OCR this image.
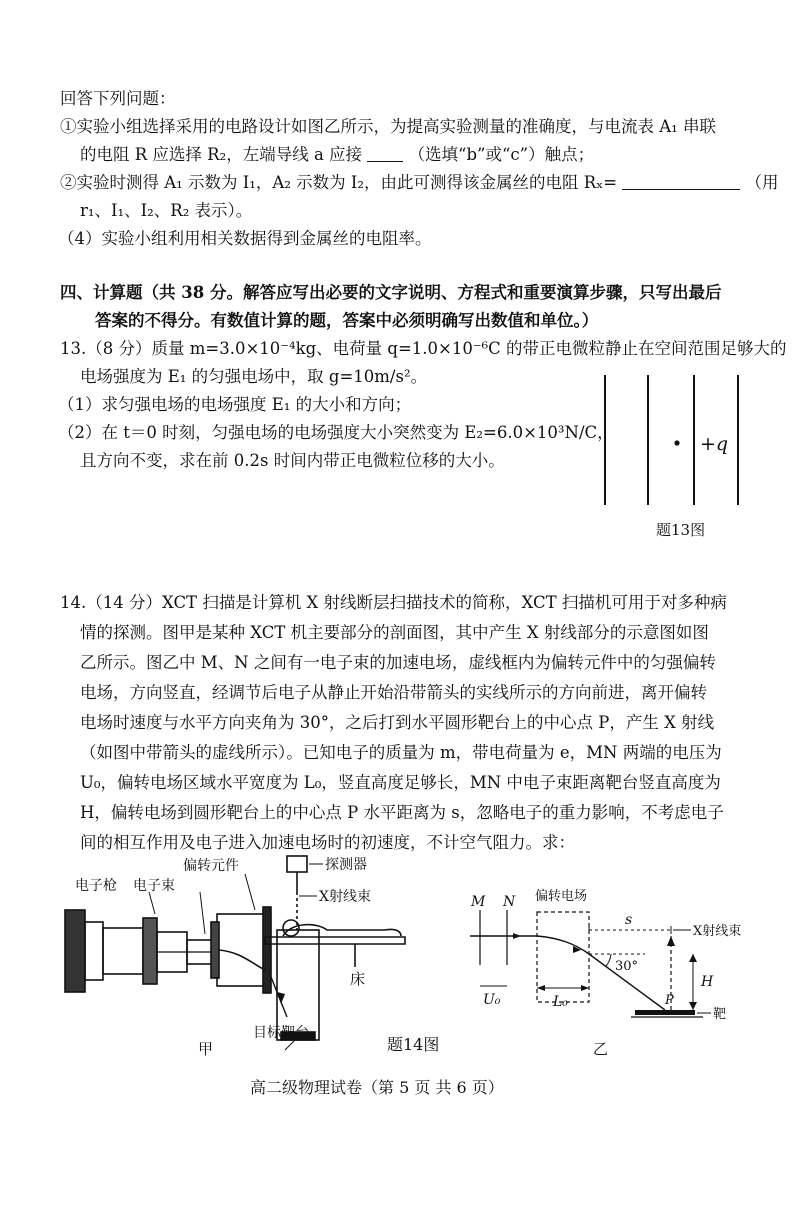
回答下列问题：
①实验小组选择采用的电路设计如图乙所示，为提高实验测量的准确度，与电流表 A₁ 串联
的电阻 R 应选择 R₂，左端导线 a 应接	（选填“b”或“c”）触点；
②实验时测得 A₁ 示数为 I₁，A₂ 示数为 I₂，由此可测得该金属丝的电阻 Rₓ=	（用
r₁、I₁、I₂、R₂ 表示）。
（4）实验小组利用相关数据得到金属丝的电阻率。
四、计算题（共 38 分。解答应写出必要的文字说明、方程式和重要演算步骤，只写出最后
答案的不得分。有数值计算的题，答案中必须明确写出数值和单位。）
13.（8 分）质量 m=3.0×10⁻⁴kg、电荷量 q=1.0×10⁻⁶C 的带正电微粒静止在空间范围足够大的
电场强度为 E₁ 的匀强电场中，取 g=10m/s²。
（1）求匀强电场的电场强度 E₁ 的大小和方向；
（2）在 t＝0 时刻，匀强电场的电场强度大小突然变为 E₂=6.0×10³N/C，
且方向不变，求在前 0.2s 时间内带正电微粒位移的大小。
+q
题13图
14.（14 分）XCT 扫描是计算机 X 射线断层扫描技术的简称，XCT 扫描机可用于对多种病
情的探测。图甲是某种 XCT 机主要部分的剖面图，其中产生 X 射线部分的示意图如图
乙所示。图乙中 M、N 之间有一电子束的加速电场，虚线框内为偏转元件中的匀强偏转
电场，方向竖直，经调节后电子从静止开始沿带箭头的实线所示的方向前进，离开偏转
电场时速度与水平方向夹角为 30°，之后打到水平圆形靶台上的中心点 P，产生 X 射线
（如图中带箭头的虚线所示）。已知电子的质量为 m，带电荷量为 e，MN 两端的电压为
U₀，偏转电场区域水平宽度为 L₀，竖直高度足够长，MN 中电子束距离靶台竖直高度为
H，偏转电场到圆形靶台上的中心点 P 水平距离为 s，忽略电子的重力影响，不考虑电子
间的相互作用及电子进入加速电场时的初速度，不计空气阻力。求：
电子枪 电子束
偏转元件	探测器
X射线束
床
目标靶台
甲	题14图
M N 偏转电场
30°
s
X射线束
H
U₀	L₀	P
靶
乙
高二级物理试卷（第 5 页 共 6 页）
